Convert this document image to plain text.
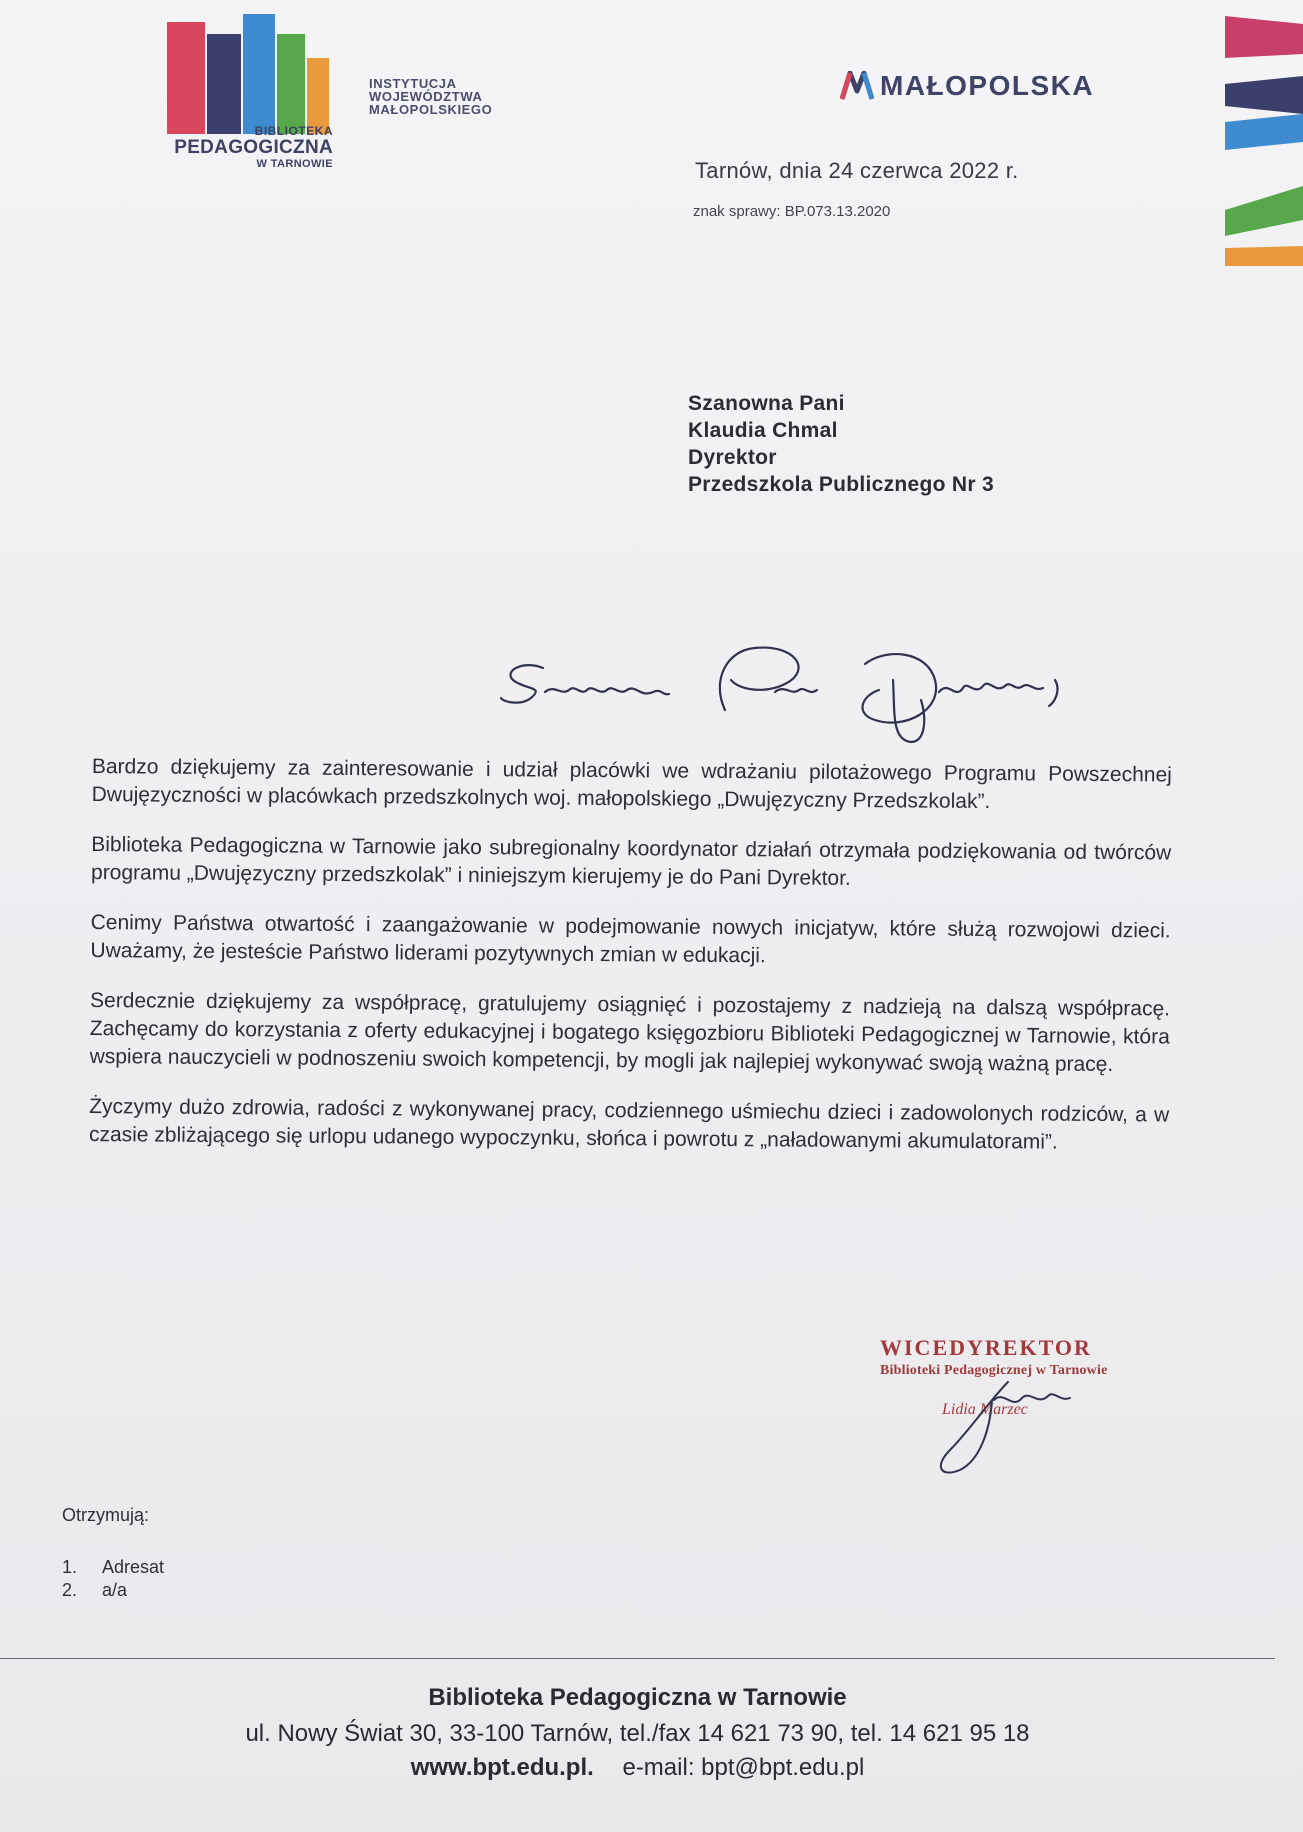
BIBLIOTEKA
PEDAGOGICZNA
W TARNOWIE
INSTYTUCJA
WOJEWÓDZTWA
MAŁOPOLSKIEGO
MAŁOPOLSKA
Tarnów, dnia 24 czerwca 2022 r.
znak sprawy: BP.073.13.2020
Szanowna Pani
Klaudia Chmal
Dyrektor
Przedszkola Publicznego Nr 3

Bardzo dziękujemy za zainteresowanie i udział placówki we wdrażaniu pilotażowego Programu Powszechnej Dwujęzyczności w placówkach przedszkolnych woj. małopolskiego „Dwujęzyczny Przedszkolak”.

Biblioteka Pedagogiczna w Tarnowie jako subregionalny koordynator działań otrzymała podziękowania od twórców programu „Dwujęzyczny przedszkolak” i niniejszym kierujemy je do Pani Dyrektor.

Cenimy Państwa otwartość i zaangażowanie w podejmowanie nowych inicjatyw, które służą rozwojowi dzieci. Uważamy, że jesteście Państwo liderami pozytywnych zmian w edukacji.

Serdecznie dziękujemy za współpracę, gratulujemy osiągnięć i pozostajemy z nadzieją na dalszą współpracę. Zachęcamy do korzystania z oferty edukacyjnej i bogatego księgozbioru Biblioteki Pedagogicznej w Tarnowie, która wspiera nauczycieli w podnoszeniu swoich kompetencji, by mogli jak najlepiej wykonywać swoją ważną pracę.

Życzymy dużo zdrowia, radości z wykonywanej pracy, codziennego uśmiechu dzieci i zadowolonych rodziców, a w czasie zbliżającego się urlopu udanego wypoczynku, słońca i powrotu z „naładowanymi akumulatorami”.

WICEDYREKTOR
Biblioteki Pedagogicznej w Tarnowie
Lidia Marzec
Otrzymują:
1.	Adresat
2.	a/a
Biblioteka Pedagogiczna w Tarnowie
ul. Nowy Świat 30, 33-100 Tarnów, tel./fax 14 621 73 90, tel. 14 621 95 18
www.bpt.edu.pl. e-mail: bpt@bpt.edu.pl
